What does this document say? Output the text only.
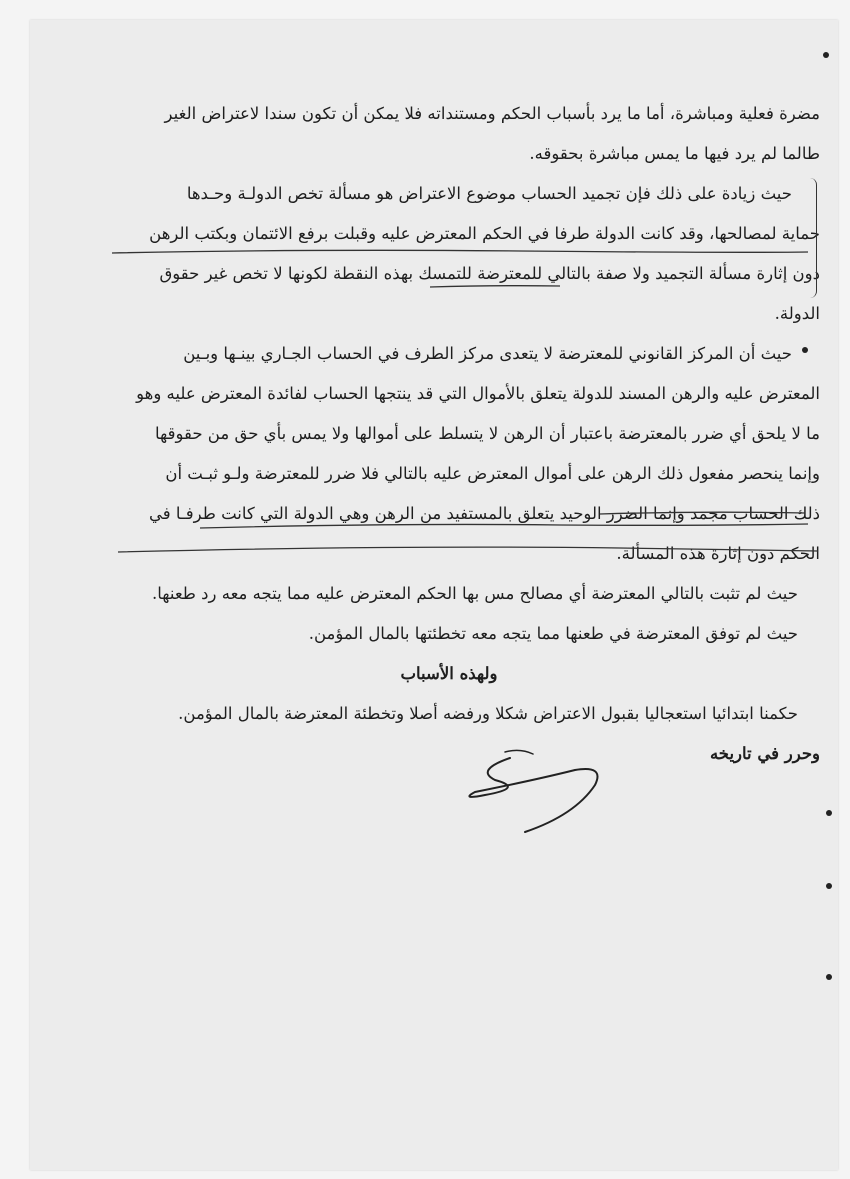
مضرة فعلية ومباشرة، أما ما يرد بأسباب الحكم ومستنداته فلا يمكن أن تكون سندا لاعتراض الغير
طالما لم يرد فيها ما يمس مباشرة بحقوقه.
حيث زيادة على ذلك فإن تجميد الحساب موضوع الاعتراض هو مسألة تخص الدولـة وحـدها
حماية لمصالحها، وقد كانت الدولة طرفا في الحكم المعترض عليه وقبلت برفع الائتمان وبكتب الرهن
دون إثارة مسألة التجميد ولا صفة بالتالي للمعترضة للتمسك بهذه النقطة لكونها لا تخص غير حقوق
الدولة.
حيث أن المركز القانوني للمعترضة لا يتعدى مركز الطرف في الحساب الجـاري بينـها وبـين
المعترض عليه والرهن المسند للدولة يتعلق بالأموال التي قد ينتجها الحساب لفائدة المعترض عليه وهو
ما لا يلحق أي ضرر بالمعترضة باعتبار أن الرهن لا يتسلط على أموالها ولا يمس بأي حق من حقوقها
وإنما ينحصر مفعول ذلك الرهن على أموال المعترض عليه بالتالي فلا ضرر للمعترضة ولـو ثبـت أن
ذلك الحساب مجمد وإنما الضرر الوحيد يتعلق بالمستفيد من الرهن وهي الدولة التي كانت طرفـا في
الحكم دون إثارة هذه المسألة.
حيث لم تثبت بالتالي المعترضة أي مصالح مس بها الحكم المعترض عليه مما يتجه معه رد طعنها.
حيث لم توفق المعترضة في طعنها مما يتجه معه تخطئتها بالمال المؤمن.
ولهذه الأسباب
حكمنا ابتدائيا استعجاليا بقبول الاعتراض شكلا ورفضه أصلا وتخطئة المعترضة بالمال المؤمن.
وحرر في تاريخه
